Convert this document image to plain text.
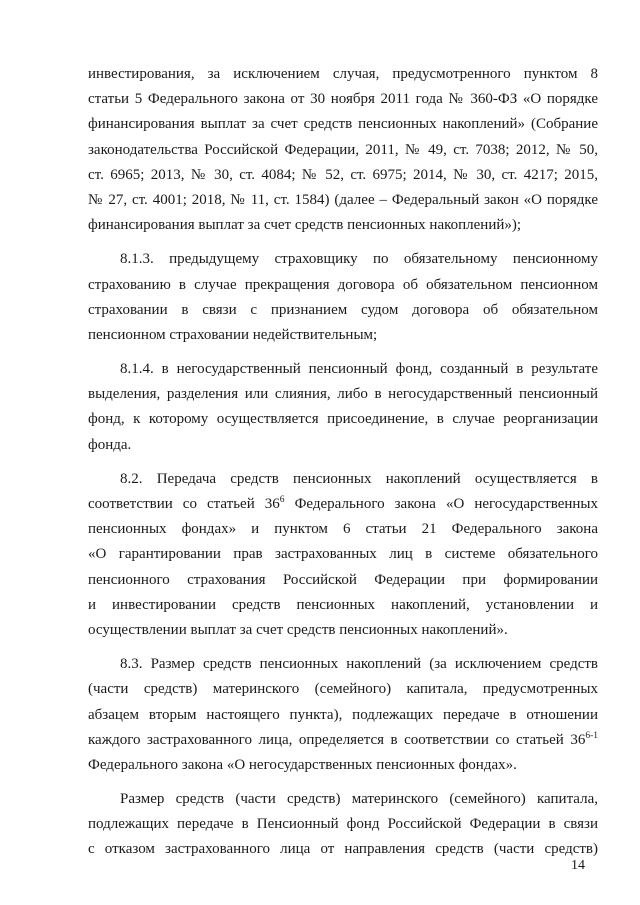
инвестирования, за исключением случая, предусмотренного пунктом 8
статьи 5 Федерального закона от 30 ноября 2011 года № 360-ФЗ «О порядке
финансирования выплат за счет средств пенсионных накоплений» (Собрание
законодательства Российской Федерации, 2011, № 49, ст. 7038; 2012, № 50,
ст. 6965; 2013, № 30, ст. 4084; № 52, ст. 6975; 2014, № 30, ст. 4217; 2015,
№ 27, ст. 4001; 2018, № 11, ст. 1584) (далее – Федеральный закон «О порядке
финансирования выплат за счет средств пенсионных накоплений»);
8.1.3. предыдущему страховщику по обязательному пенсионному
страхованию в случае прекращения договора об обязательном пенсионном
страховании в связи с признанием судом договора об обязательном
пенсионном страховании недействительным;
8.1.4. в негосударственный пенсионный фонд, созданный в результате
выделения, разделения или слияния, либо в негосударственный пенсионный
фонд, к которому осуществляется присоединение, в случае реорганизации
фонда.
8.2. Передача средств пенсионных накоплений осуществляется в
соответствии со статьей $36^6$ Федерального закона «О негосударственных
пенсионных фондах» и пунктом 6 статьи 21 Федерального закона
«О гарантировании прав застрахованных лиц в системе обязательного
пенсионного страхования Российской Федерации при формировании
и инвестировании средств пенсионных накоплений, установлении и
осуществлении выплат за счет средств пенсионных накоплений».
8.3. Размер средств пенсионных накоплений (за исключением средств
(части средств) материнского (семейного) капитала, предусмотренных
абзацем вторым настоящего пункта), подлежащих передаче в отношении
каждого застрахованного лица, определяется в соответствии со статьей 36$^{6-1}$
Федерального закона «О негосударственных пенсионных фондах».
Размер средств (части средств) материнского (семейного) капитала,
подлежащих передаче в Пенсионный фонд Российской Федерации в связи
с отказом застрахованного лица от направления средств (части средств)
14
